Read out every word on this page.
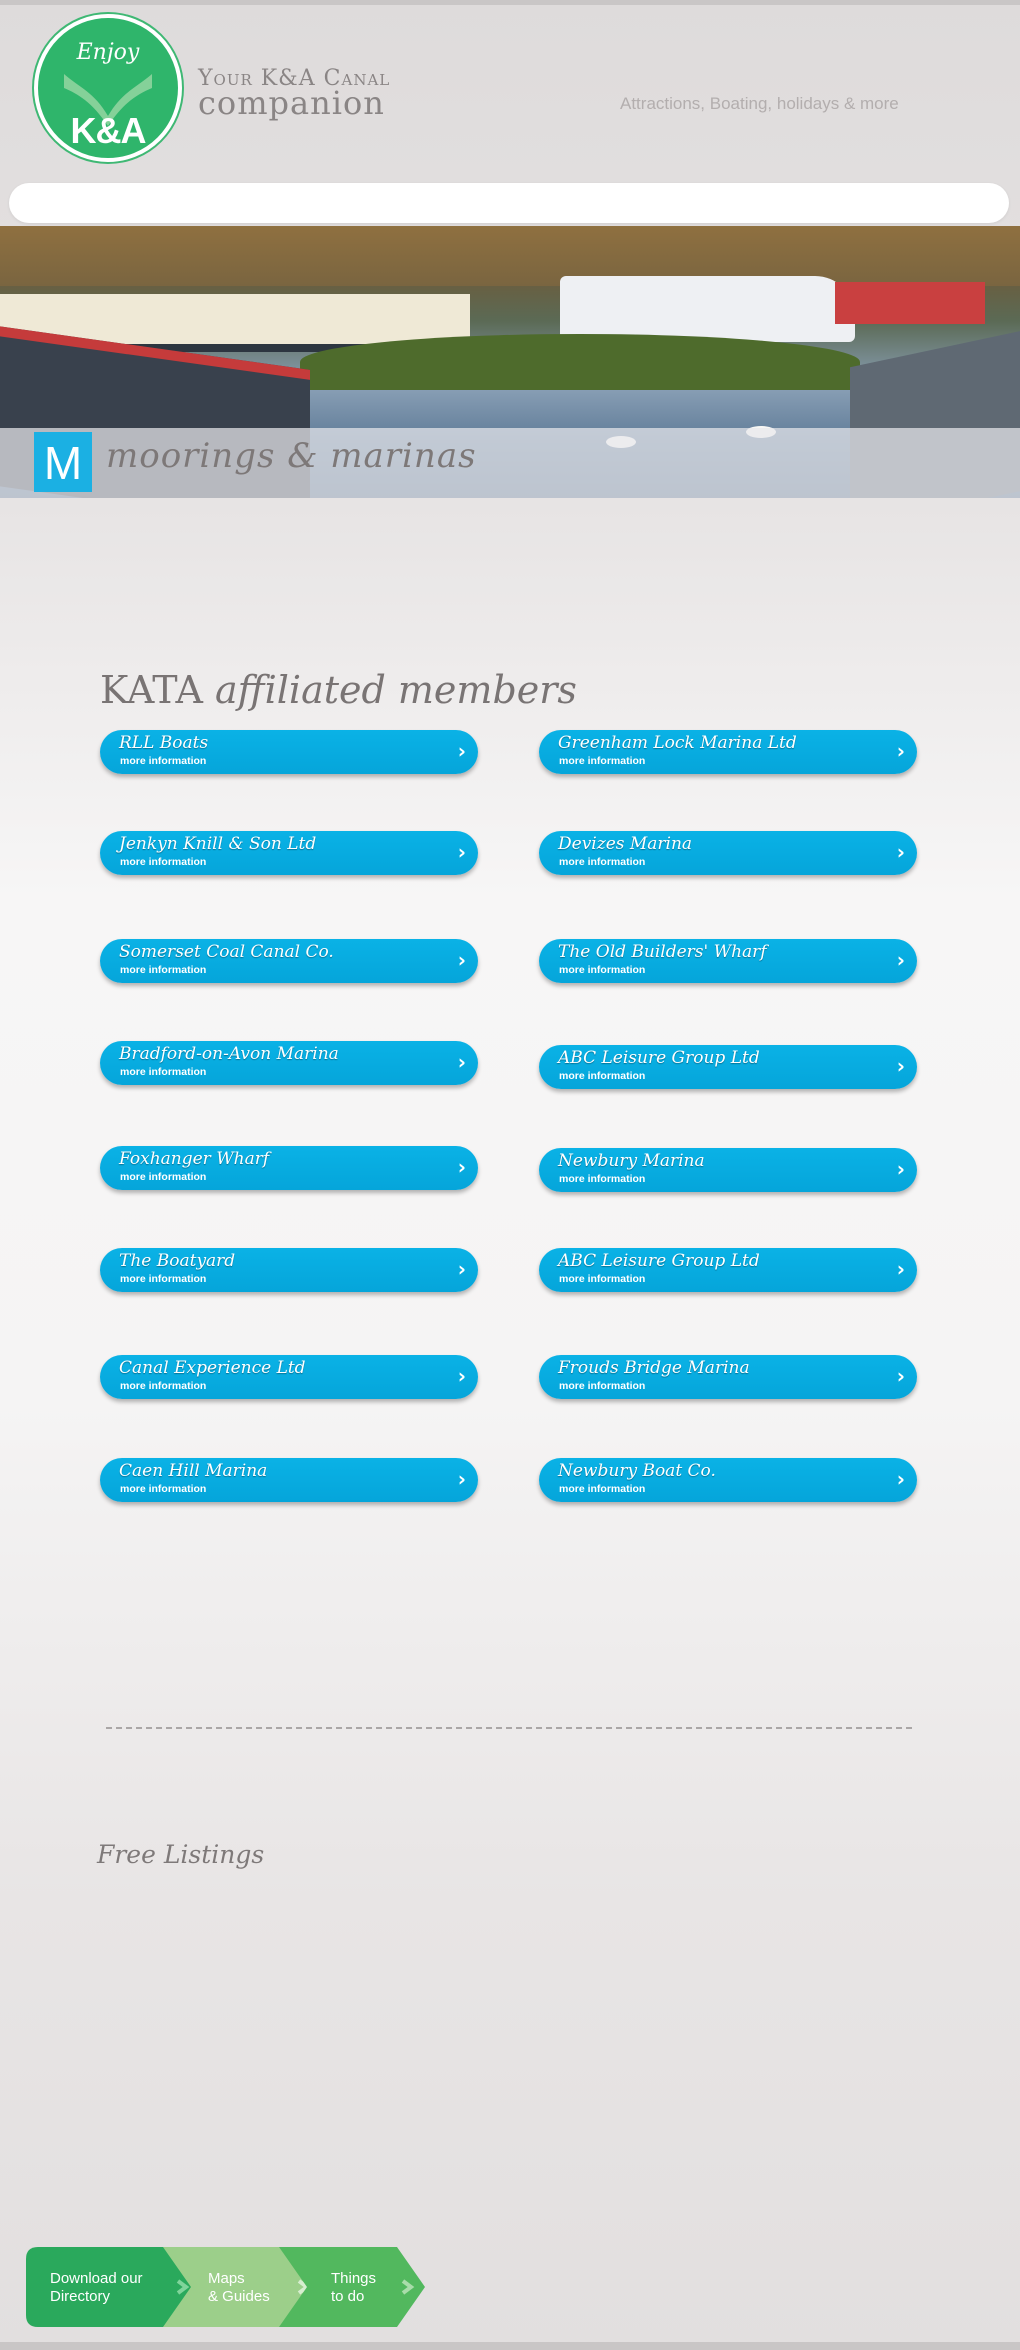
Enjoy
K&A
Your K&A Canal
companion	Attractions, Boating, holidays & more
M moorings & marinas
KATA affiliated members
RLL Boats
more information	›	Greenham Lock Marina Ltd
more information	›
Jenkyn Knill & Son Ltd
more information	›	Devizes Marina
more information	›
Somerset Coal Canal Co.
more information	›	The Old Builders' Wharf
more information	›
Bradford-on-Avon Marina
more information	›	ABC Leisure Group Ltd
more information	›
Foxhanger Wharf
more information	›	Newbury Marina
more information	›
The Boatyard
more information	›	ABC Leisure Group Ltd
more information	›
Canal Experience Ltd
more information	›	Frouds Bridge Marina
more information	›
Caen Hill Marina
more information	›	Newbury Boat Co.
more information	›
Free Listings
Download our
Directory
Maps
& Guides
Things
to do
